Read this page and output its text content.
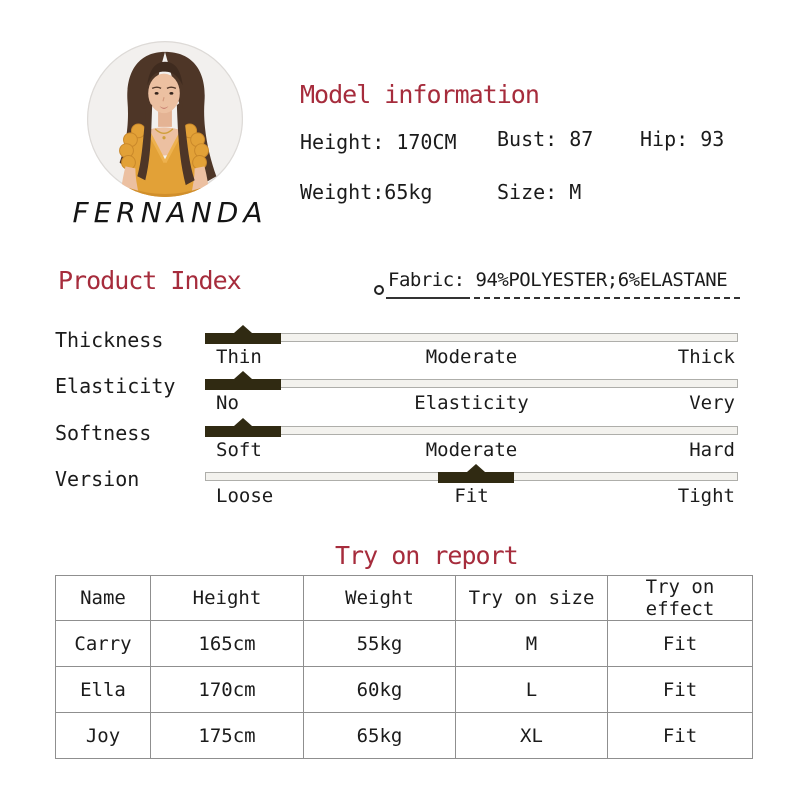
FERNANDA
Model information
Height: 170CM Bust: 87 Hip: 93
Weight:65kg	Size: M
Product Index	Fabric: 94%POLYESTER;6%ELASTANE
Thickness
Thin	Moderate	Thick
Elasticity
No	Elasticity	Very
Softness
Soft	Moderate	Hard
Version
Loose	Fit	Tight
Try on report
Name	Height	Weight	Try on size	Try on effect
Carry	165cm	55kg	M	Fit
Ella	170cm	60kg	L	Fit
Joy	175cm	65kg	XL	Fit
